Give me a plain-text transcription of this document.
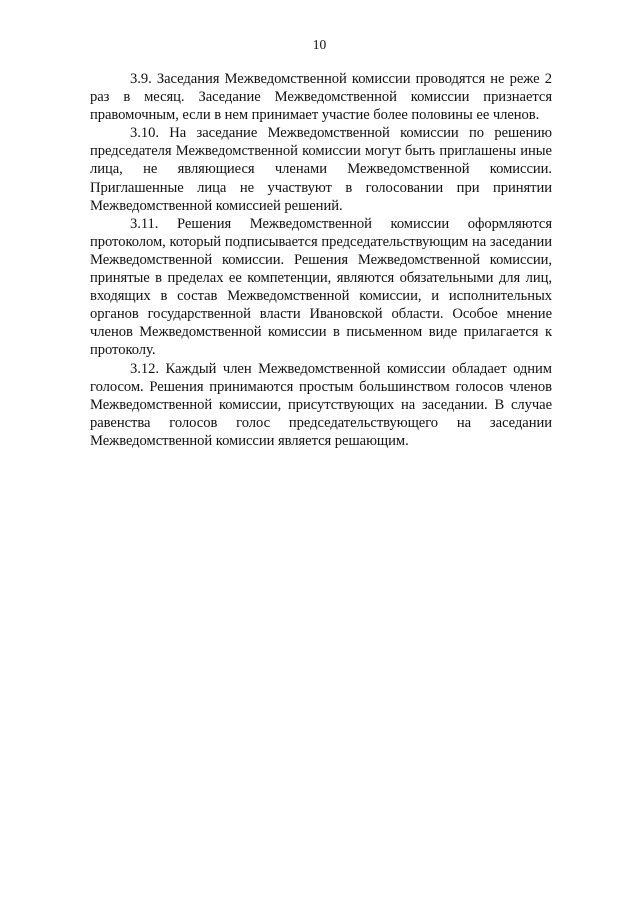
10

3.9. Заседания Межведомственной комиссии проводятся не реже 2 раз в месяц. Заседание Межведомственной комиссии признается правомочным, если в нем принимает участие более половины ее членов.

3.10. На заседание Межведомственной комиссии по решению председателя Межведомственной комиссии могут быть приглашены иные лица, не являющиеся членами Межведомственной комиссии. Приглашенные лица не участвуют в голосовании при принятии Межведомственной комиссией решений.

3.11. Решения Межведомственной комиссии оформляются протоколом, который подписывается председательствующим на заседании Межведомственной комиссии. Решения Межведомственной комиссии, принятые в пределах ее компетенции, являются обязательными для лиц, входящих в состав Межведомственной комиссии, и исполнительных органов государственной власти Ивановской области. Особое мнение членов Межведомственной комиссии в письменном виде прилагается к протоколу.

3.12. Каждый член Межведомственной комиссии обладает одним голосом. Решения принимаются простым большинством голосов членов Межведомственной комиссии, присутствующих на заседании. В случае равенства голосов голос председательствующего на заседании Межведомственной комиссии является решающим.
